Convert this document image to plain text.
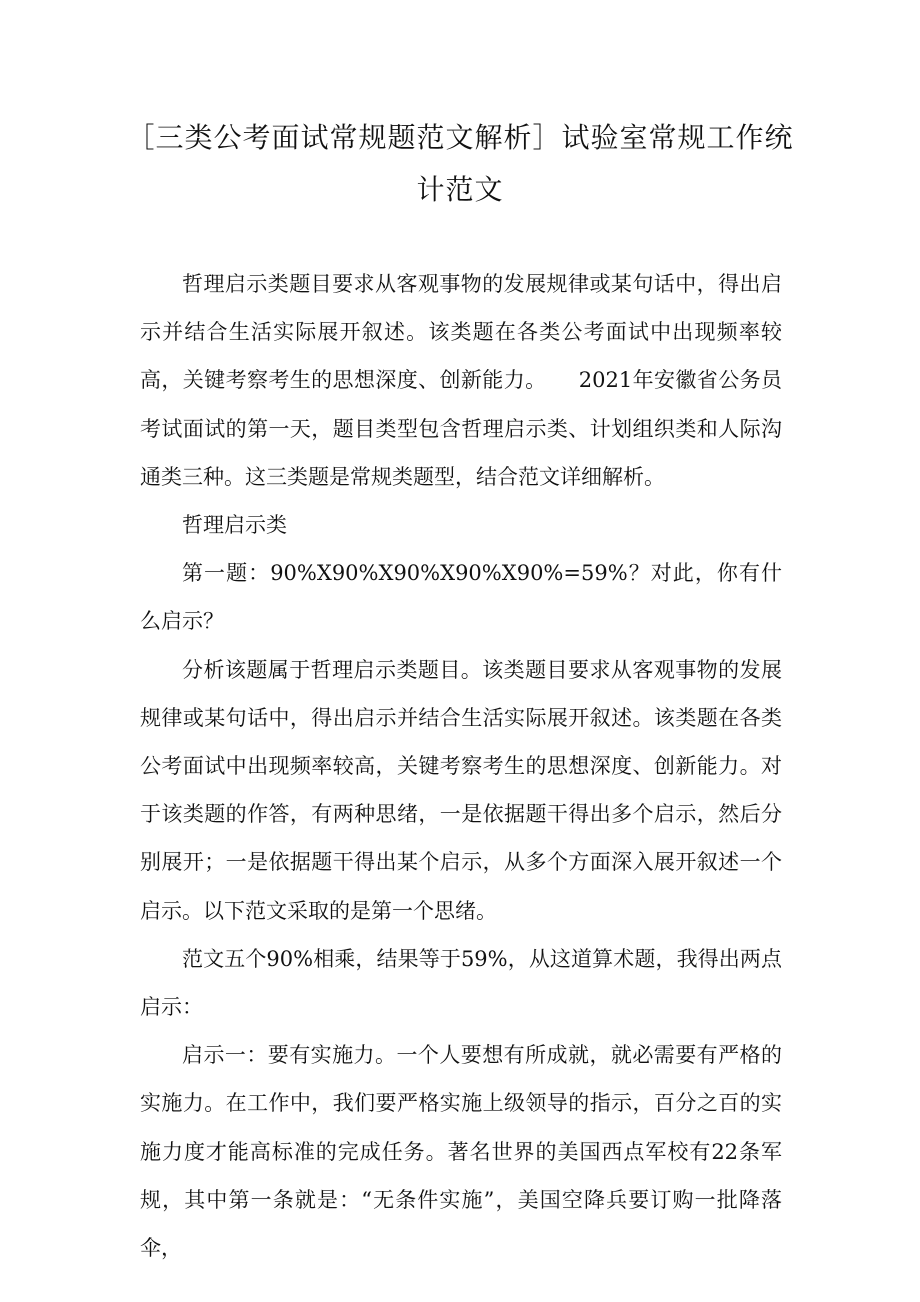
［三类公考面试常规题范文解析］试验室常规工作统计范文

哲理启示类题目要求从客观事物的发展规律或某句话中，得出启示并结合生活实际展开叙述。该类题在各类公考面试中出现频率较高，关键考察考生的思想深度、创新能力。　　2021年安徽省公务员考试面试的第一天，题目类型包含哲理启示类、计划组织类和人际沟通类三种。这三类题是常规类题型，结合范文详细解析。

哲理启示类

第一题：90%X90%X90%X90%X90%=59%？对此，你有什么启示？

分析该题属于哲理启示类题目。该类题目要求从客观事物的发展规律或某句话中，得出启示并结合生活实际展开叙述。该类题在各类公考面试中出现频率较高，关键考察考生的思想深度、创新能力。对于该类题的作答，有两种思绪，一是依据题干得出多个启示，然后分别展开；一是依据题干得出某个启示，从多个方面深入展开叙述一个启示。以下范文采取的是第一个思绪。

范文五个90%相乘，结果等于59%，从这道算术题，我得出两点启示：

启示一：要有实施力。一个人要想有所成就，就必需要有严格的实施力。在工作中，我们要严格实施上级领导的指示，百分之百的实施力度才能高标准的完成任务。著名世界的美国西点军校有22条军规，其中第一条就是：“无条件实施”，美国空降兵要订购一批降落伞，
